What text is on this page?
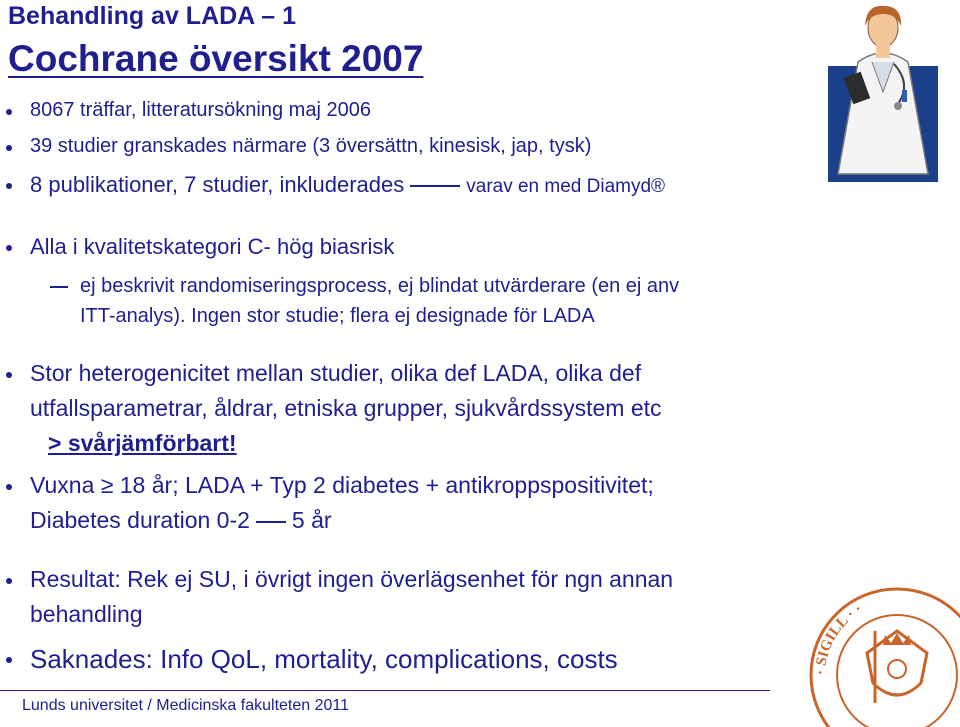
Behandling av LADA – 1
Cochrane översikt 2007
8067 träffar, litteratursökning maj 2006
39 studier granskades närmare (3 översättn, kinesisk, jap, tysk)
8 publikationer, 7 studier, inkluderades	varav en med Diamyd®
Alla i kvalitetskategori C- hög biasrisk
ej beskrivit randomiseringsprocess, ej blindat utvärderare (en ej anv
ITT-analys). Ingen stor studie; flera ej designade för LADA
Stor heterogenicitet mellan studier, olika def LADA, olika def
utfallsparametrar, åldrar, etniska grupper, sjukvårdssystem etc
> svårjämförbart!
Vuxna ≥ 18 år; LADA + Typ 2 diabetes + antikroppspositivitet;
Diabetes duration 0-2 5 år
Resultat: Rek ej SU, i övrigt ingen överlägsenhet för ngn annan
behandling
Saknades: Info QoL, mortality, complications, costs
Lunds universitet / Medicinska fakulteten 2011
· SIGILL · ·
